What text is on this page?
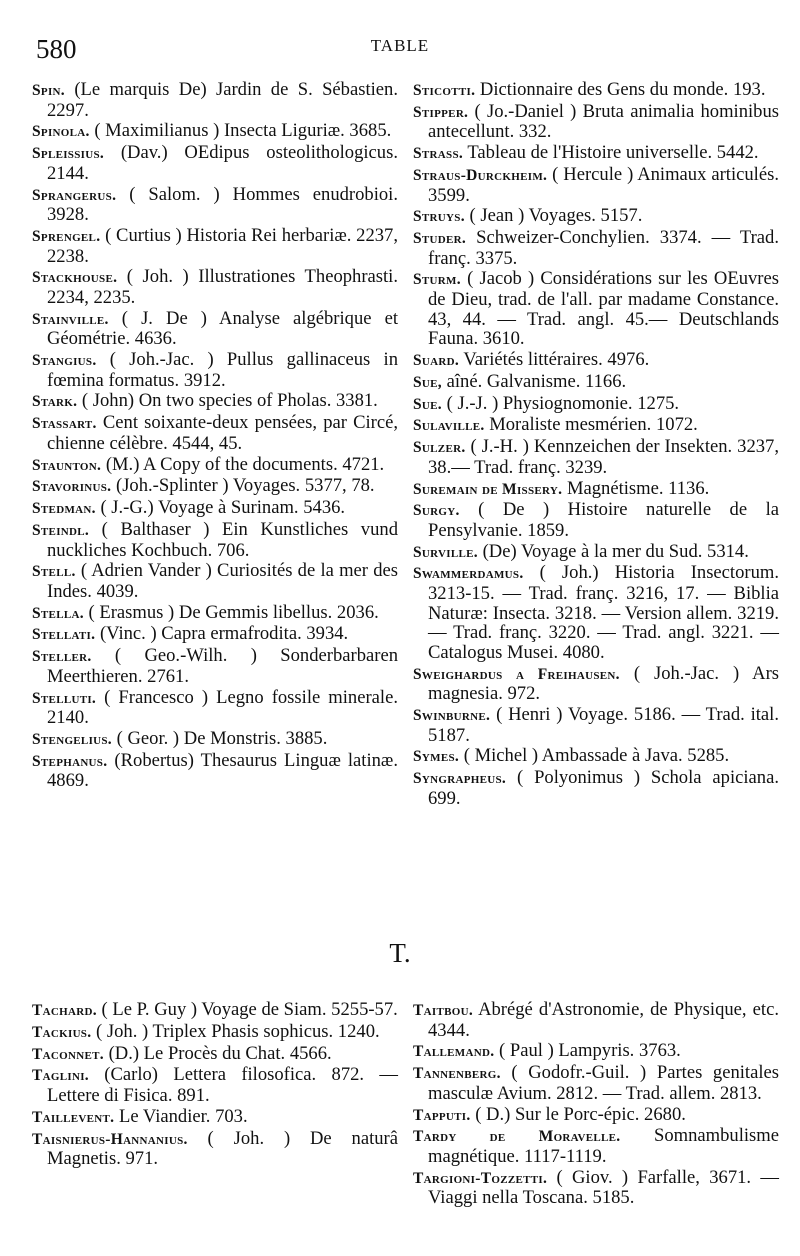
580	TABLE

Spin. (Le marquis De) Jardin de S. Sébastien. 2297.

Spinola. ( Maximilianus ) Insecta Liguriæ. 3685.

Spleissius. (Dav.) OEdipus osteolithologicus. 2144.

Sprangerus. ( Salom. ) Hommes enudrobioi. 3928.

Sprengel. ( Curtius ) Historia Rei herbariæ. 2237, 2238.

Stackhouse. ( Joh. ) Illustrationes Theophrasti. 2234, 2235.

Stainville. ( J. De ) Analyse algébrique et Géométrie. 4636.

Stangius. ( Joh.-Jac. ) Pullus gallinaceus in fœmina formatus. 3912.

Stark. ( John) On two species of Pholas. 3381.

Stassart. Cent soixante-deux pensées, par Circé, chienne célèbre. 4544, 45.

Staunton. (M.) A Copy of the documents. 4721.

Stavorinus. (Joh.-Splinter ) Voyages. 5377, 78.

Stedman. ( J.-G.) Voyage à Surinam. 5436.

Steindl. ( Balthaser ) Ein Kunstliches vund nuckliches Kochbuch. 706.

Stell. ( Adrien Vander ) Curiosités de la mer des Indes. 4039.

Stella. ( Erasmus ) De Gemmis libellus. 2036.

Stellati. (Vinc. ) Capra ermafrodita. 3934.

Steller. ( Geo.-Wilh. ) Sonderbarbaren Meerthieren. 2761.

Stelluti. ( Francesco ) Legno fossile minerale. 2140.

Stengelius. ( Geor. ) De Monstris. 3885.

Stephanus. (Robertus) Thesaurus Linguæ latinæ. 4869.

Sticotti. Dictionnaire des Gens du monde. 193.

Stipper. ( Jo.-Daniel ) Bruta animalia hominibus antecellunt. 332.

Strass. Tableau de l'Histoire universelle. 5442.

Straus-Durckheim. ( Hercule ) Animaux articulés. 3599.

Struys. ( Jean ) Voyages. 5157.

Studer. Schweizer-Conchylien. 3374. — Trad. franç. 3375.

Sturm. ( Jacob ) Considérations sur les OEuvres de Dieu, trad. de l'all. par madame Constance. 43, 44. — Trad. angl. 45.— Deutschlands Fauna. 3610.

Suard. Variétés littéraires. 4976.

Sue, aîné. Galvanisme. 1166.

Sue. ( J.-J. ) Physiognomonie. 1275.

Sulaville. Moraliste mesmérien. 1072.

Sulzer. ( J.-H. ) Kennzeichen der Insekten. 3237, 38.— Trad. franç. 3239.

Suremain de Missery. Magnétisme. 1136.

Surgy. ( De ) Histoire naturelle de la Pensylvanie. 1859.

Surville. (De) Voyage à la mer du Sud. 5314.

Swammerdamus. ( Joh.) Historia Insectorum. 3213-15. — Trad. franç. 3216, 17. — Biblia Naturæ: Insecta. 3218. — Version allem. 3219. — Trad. franç. 3220. — Trad. angl. 3221. — Catalogus Musei. 4080.

Sweighardus a Freihausen. ( Joh.-Jac. ) Ars magnesia. 972.

Swinburne. ( Henri ) Voyage. 5186. — Trad. ital. 5187.

Symes. ( Michel ) Ambassade à Java. 5285.

Syngrapheus. ( Polyonimus ) Schola apiciana. 699.

T.

Tachard. ( Le P. Guy ) Voyage de Siam. 5255-57.

Tackius. ( Joh. ) Triplex Phasis sophicus. 1240.

Taconnet. (D.) Le Procès du Chat. 4566.

Taglini. (Carlo) Lettera filosofica. 872. — Lettere di Fisica. 891.

Taillevent. Le Viandier. 703.

Taisnierus-Hannanius. ( Joh. ) De naturâ Magnetis. 971.

Taitbou. Abrégé d'Astronomie, de Physique, etc. 4344.

Tallemand. ( Paul ) Lampyris. 3763.

Tannenberg. ( Godofr.-Guil. ) Partes genitales masculæ Avium. 2812. — Trad. allem. 2813.

Tapputi. ( D.) Sur le Porc-épic. 2680.

Tardy de Moravelle. Somnambulisme magnétique. 1117-1119.

Targioni-Tozzetti. ( Giov. ) Farfalle, 3671. — Viaggi nella Toscana. 5185.
